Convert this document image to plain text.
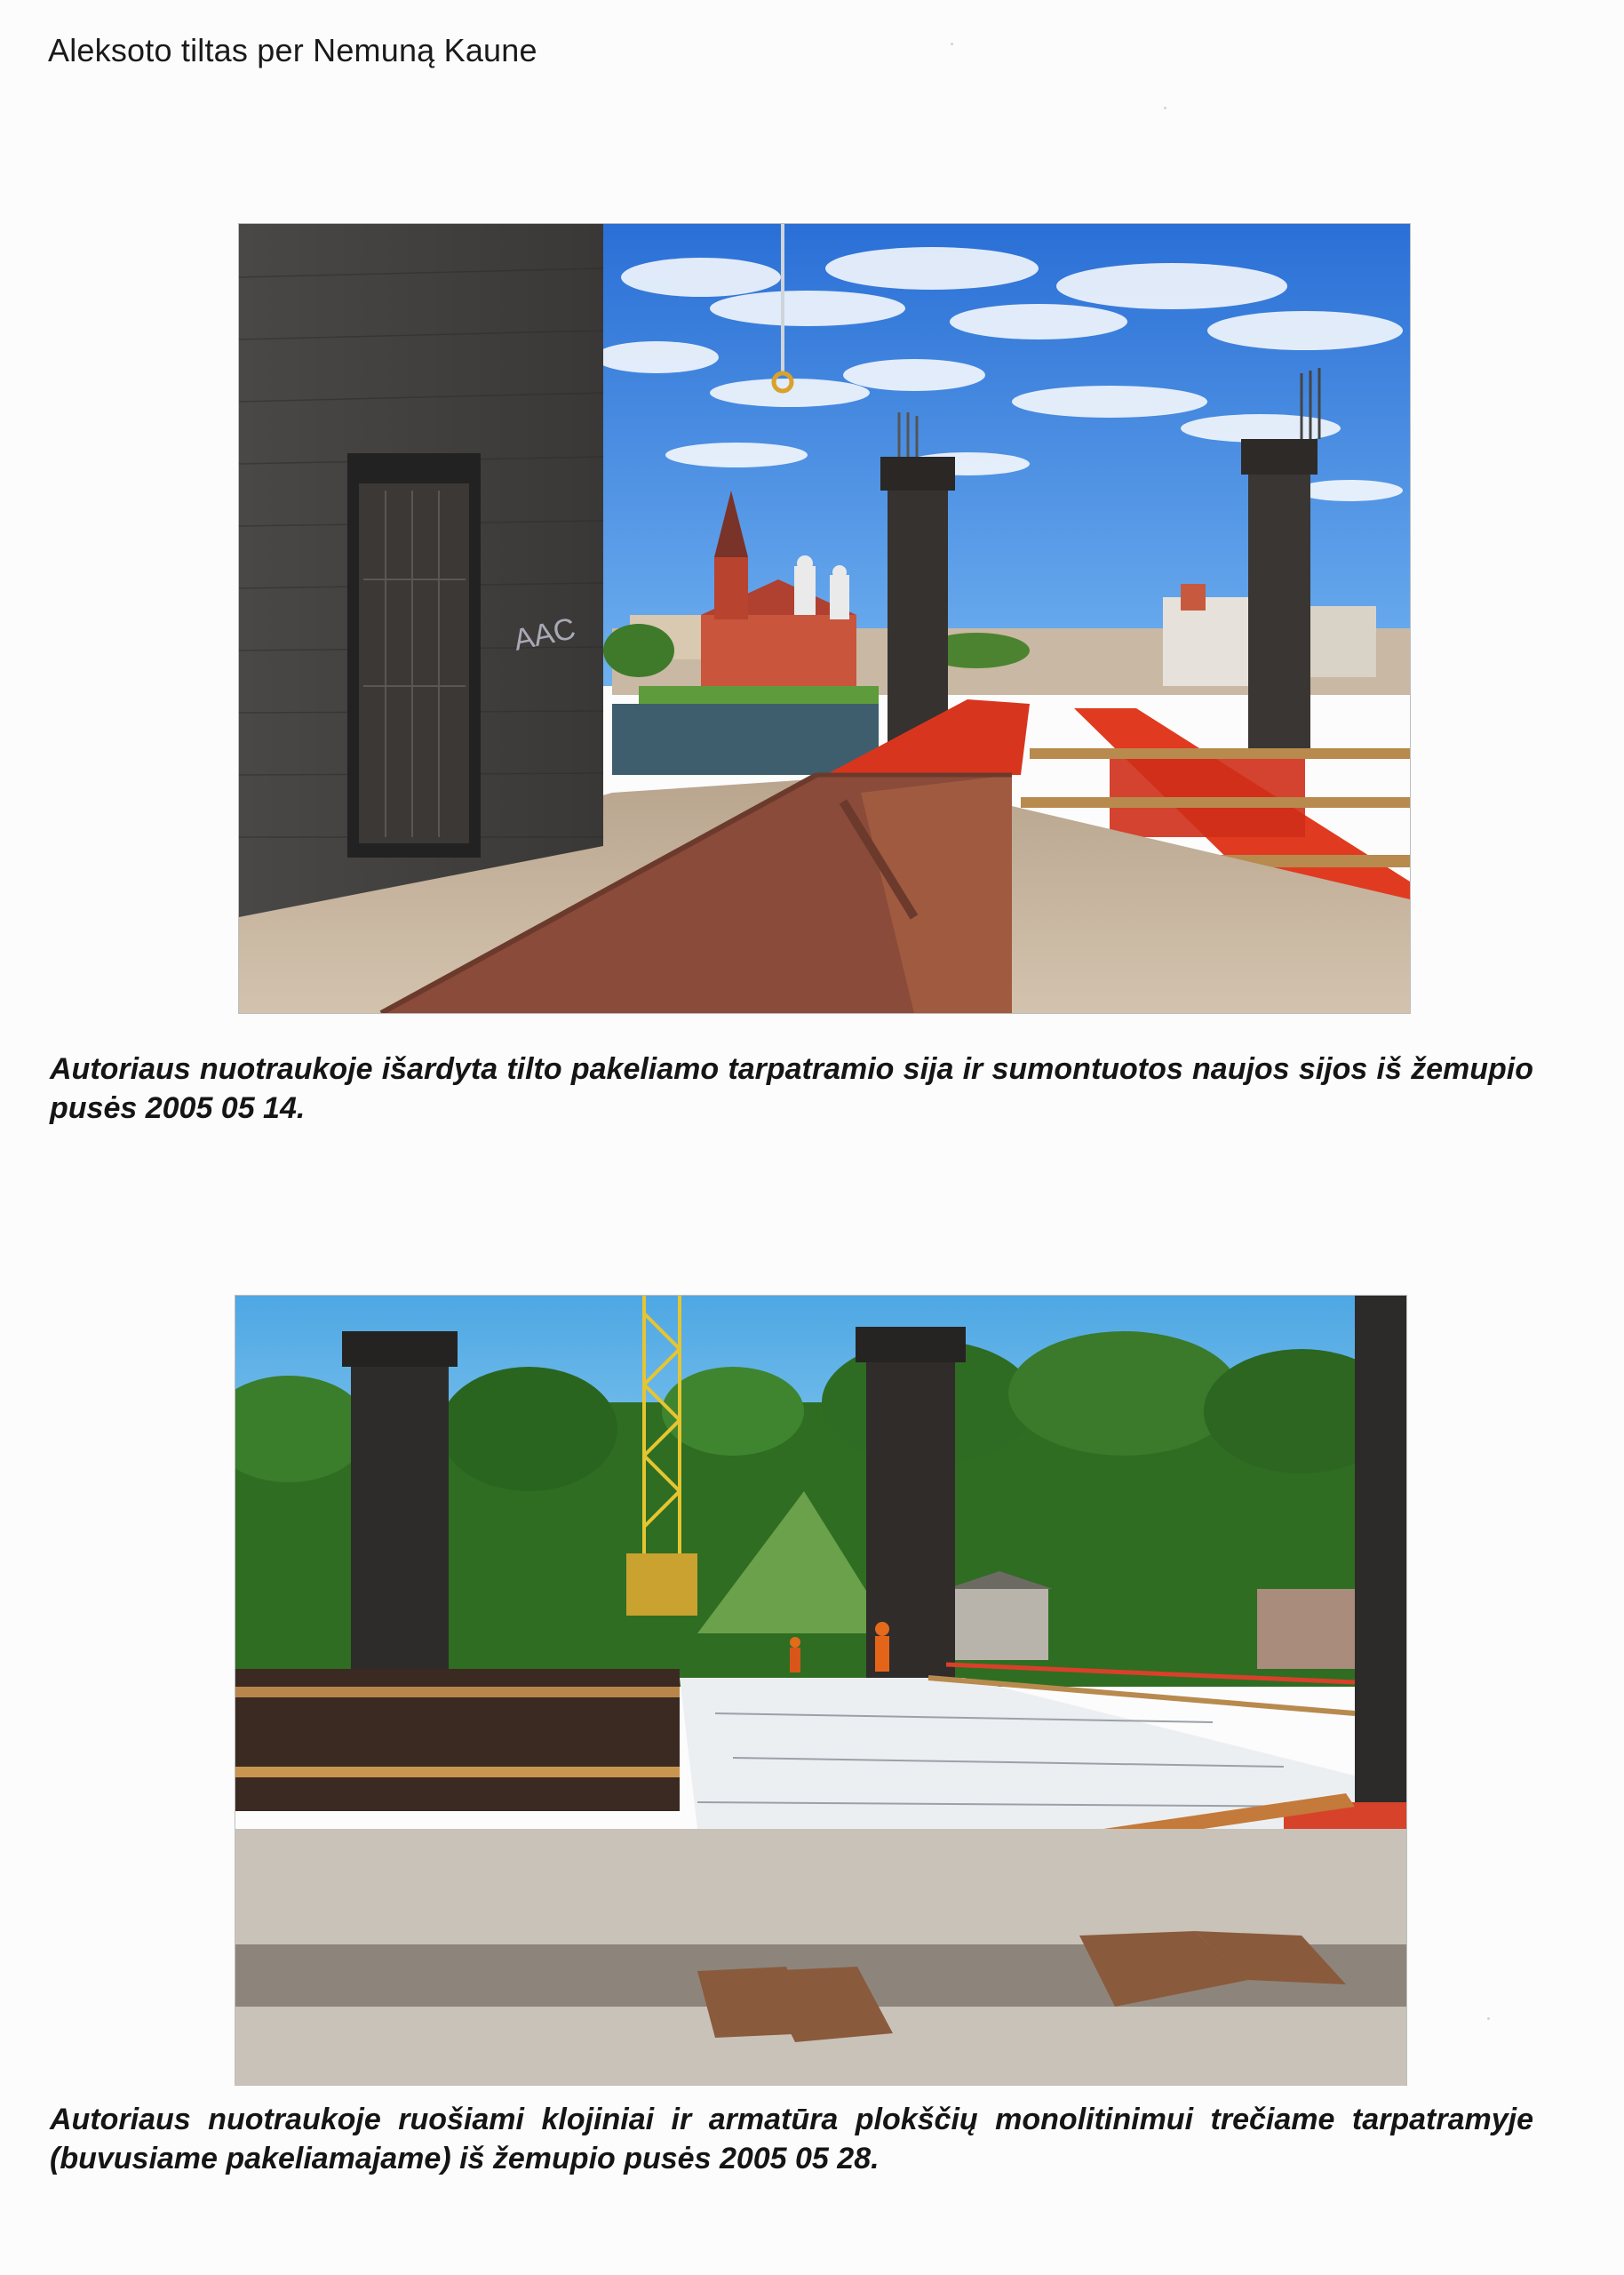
Aleksoto tiltas per Nemuną Kaune
AAC
Autoriaus nuotraukoje išardyta tilto pakeliamo tarpatramio sija ir sumontuotos naujos sijos iš žemupio pusės 2005 05 14.
Autoriaus nuotraukoje ruošiami klojiniai ir armatūra plokščių monolitinimui trečiame tarpatramyje (buvusiame pakeliamajame) iš žemupio pusės 2005 05 28.
